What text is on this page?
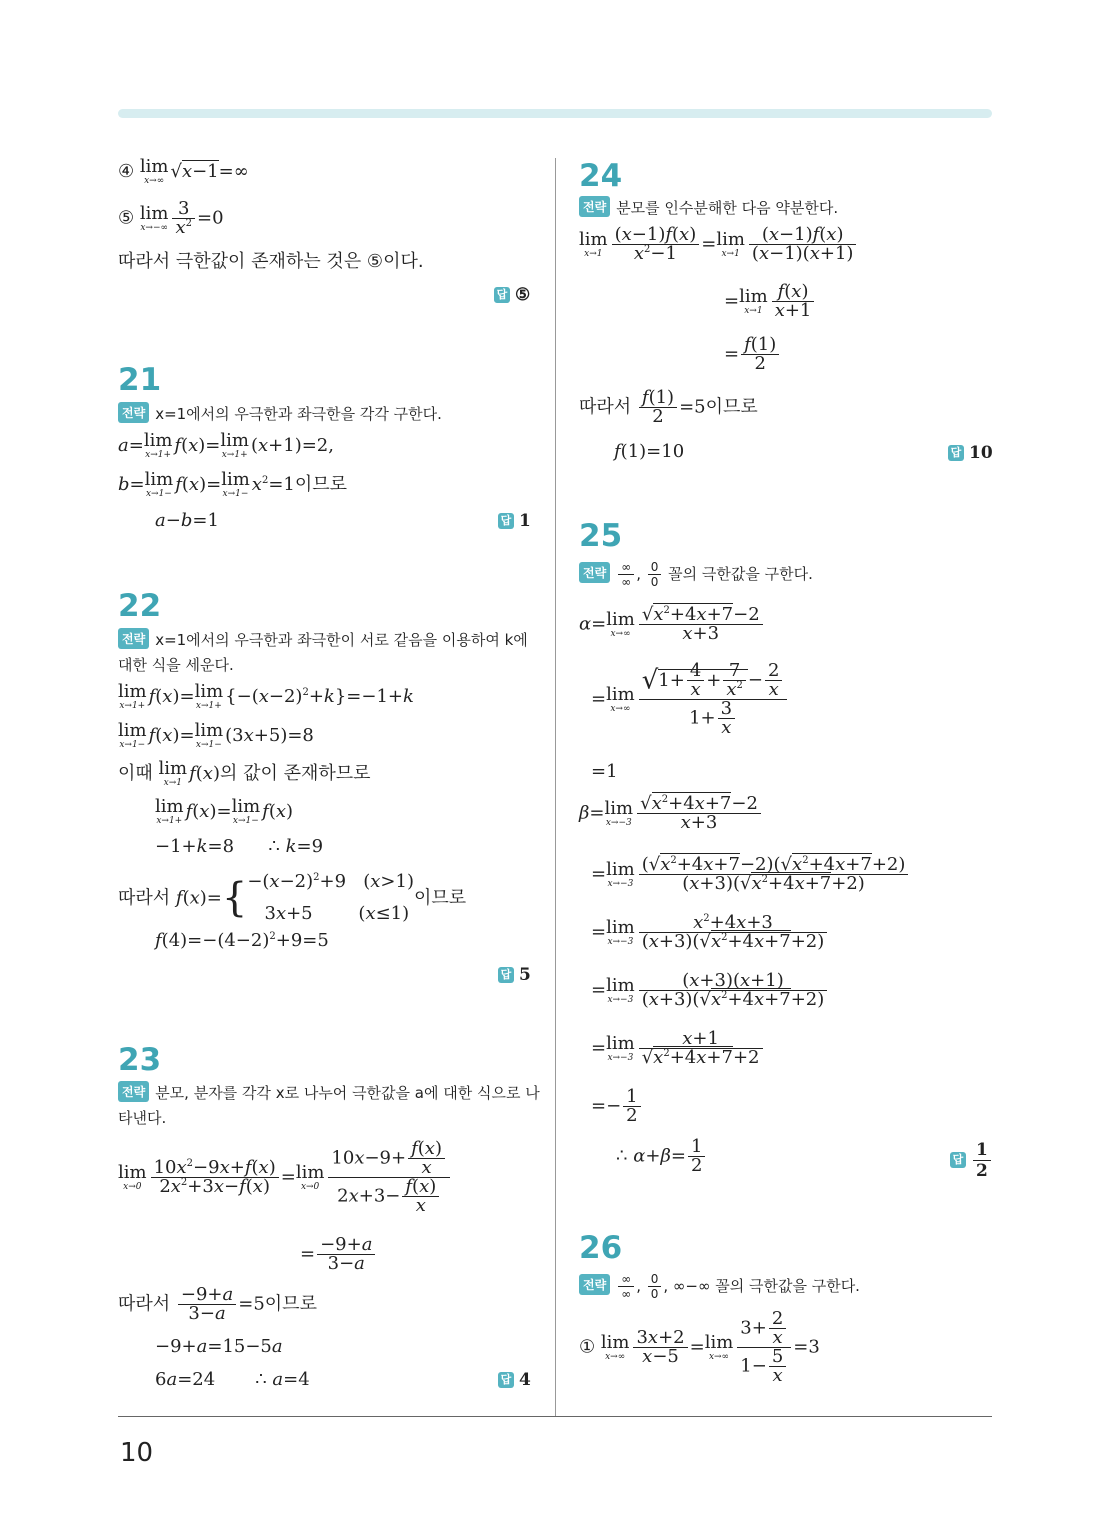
10
④ lim
x→∞ √x−1=∞
⑤ lim
$x\to-\infty \frac{3}{x^2} =0$
따라서 극한값이 존재하는 것은 ⑤이다.
답 ⑤
21
전략 x=1에서의 우극한과 좌극한을 각각 구한다.
a= lim
x→1+ f(x)= lim
x→1+ (x+1)=2,
b= lim
x→1− f(x)= lim
$x\to 1- x^2=1$이므로
a−b=1	답 1
22
전략 x=1에서의 우극한과 좌극한이 서로 같음을 이용하여 k에
대한 식을 세운다.
lim
x→1+ f(x)= lim
$x\to 1+ \{-(x-2)^2+k\}=-1+k$
lim
x→1− f(x)= lim
x→1− (3x+5)=8
이때 lim
x→1 f(x)의 값이 존재하므로
lim
x→1+ f(x)= lim
x→1− f(x)
−1+k=8      ∴ k=9
따라서 $f(x)=\{-(x-2)^2+9$   (x>1)
3x+5        (x≤1)이므로
$f(4)=-(4-2)^2+9=5$
답 5
23
전략 분모, 분자를 각각 x로 나누어 극한값을 a에 대한 식으로 나
타낸다.
lim
$x\to 0 \frac{10x^2-9x+f(x)}{2x^2+3x-f(x)} = \lim$
$x\to 0 \frac{10x-9+ \frac{f(x)}{x}}{2x+3- \frac{f(x)}{x}}$
= $\frac{-9+a}{3-a}$
따라서 $\frac{-9+a}{3-a} =5$이므로
−9+a=15−5a
6a=24       ∴ a=4	답 4
24
전략 분모를 인수분해한 다음 약분한다.
lim
$x\to 1 \frac{(x-1)f(x)}{x^2-1} = \lim$
$x\to 1 \frac{(x-1)f(x)}{(x-1)(x+1)}$
= lim
$x\to 1 \frac{f(x)}{x+1}$
= $\frac{f(1)}{2}$
따라서 $\frac{f(1)}{2} =5$이므로
f(1)=10	답 10
25
전략 ∞
∞ , $\frac{0}{0}$ 꼴의 극한값을 구한다.
α= lim
$x\to\infty \frac{√x^2+4x+7-2}{x+3}$
= lim
$x\to\infty \frac{√1+ \frac{4}{x} + \frac{7}{x^2} - \frac{2}{x}}{1+ \frac{3}{x}}$
=1
β= lim
$x\to-3 \frac{√x^2+4x+7-2}{x+3}$
= lim
$x\to-3 \frac{(√x^2+4x+7-2)(√x^2+4x+7+2)}{(x+3)(√x^2+4x+7+2)}$
= lim
$x\to-3 \frac{x^2+4x+3}{(x+3)(√x^2+4x+7+2)}$
= lim
$x\to-3 \frac{(x+3)(x+1)}{(x+3)(√x^2+4x+7+2)}$
= lim
$x\to-3 \frac{x+1}{√x^2+4x+7+2}$
=− $\frac{1}{2}$
∴ $\alpha+\beta= \frac{1}{2}$	답 $\frac{1}{2}$
26
전략 ∞
∞ , $\frac{0}{0}$ , ∞−∞ 꼴의 극한값을 구한다.
① lim
$x\to\infty \frac{3x+2}{x-5} = \lim$
$x\to\infty \frac{3+ \frac{2}{x}}{1- \frac{5}{x}} =3$
